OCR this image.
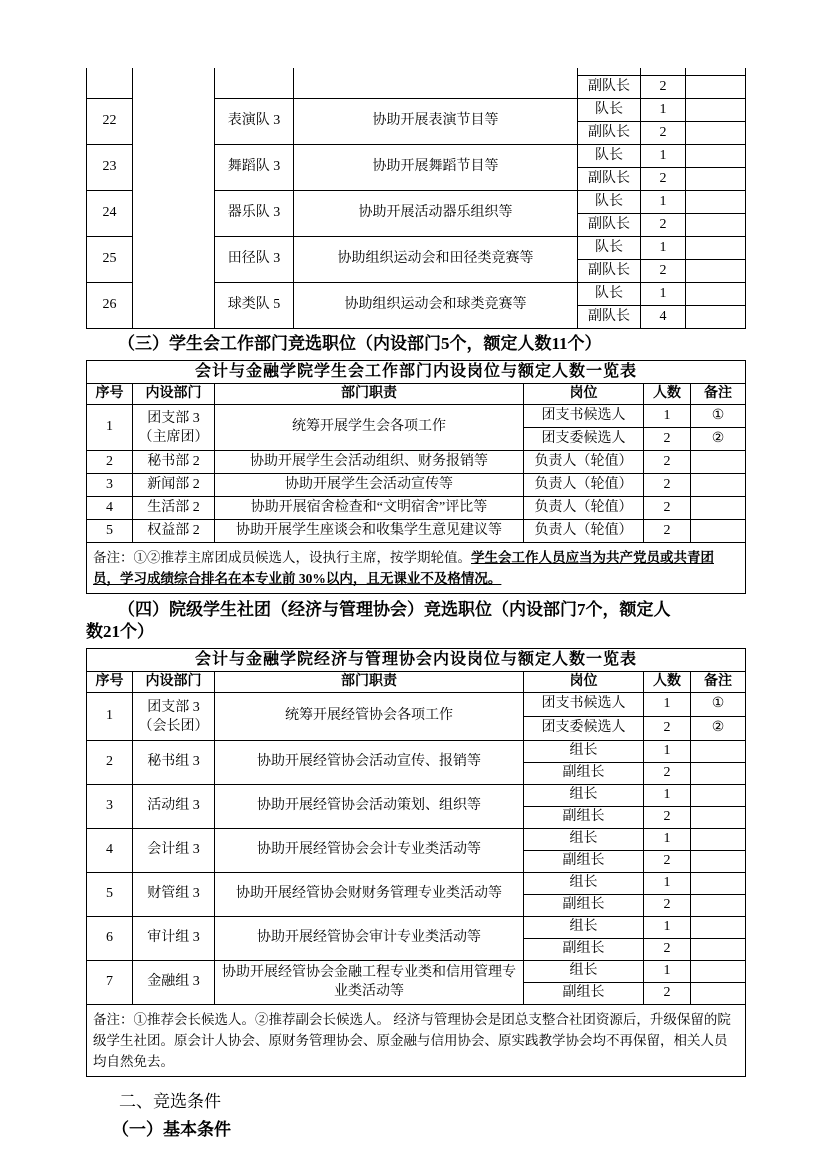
				副队长	2	
22		表演队 3	协助开展表演节目等	队长	1	
				副队长	2	
23		舞蹈队 3	协助开展舞蹈节目等	队长	1	
				副队长	2	
24		器乐队 3	协助开展活动器乐组织等	队长	1	
				副队长	2	
25		田径队 3	协助组织运动会和田径类竞赛等	队长	1	
				副队长	2	
26		球类队 5	协助组织运动会和球类竞赛等	队长	1	
				副队长	4	
（三）学生会工作部门竞选职位（内设部门5个，额定人数11个）
会计与金融学院学生会工作部门内设岗位与额定人数一览表					
序号	内设部门	部门职责	岗位	人数	备注
1	团支部 3
（主席团）	统筹开展学生会各项工作	团支书候选人	1	①
			团支委候选人	2	②
2	秘书部 2	协助开展学生会活动组织、财务报销等	负责人（轮值）	2	
3	新闻部 2	协助开展学生会活动宣传等	负责人（轮值）	2	
4	生活部 2	协助开展宿舍检查和“文明宿舍”评比等	负责人（轮值）	2	
5	权益部 2	协助开展学生座谈会和收集学生意见建议等	负责人（轮值）	2	
备注：①②推荐主席团成员候选人，设执行主席，按学期轮值。学生会工作人员应当为共产党员或共青团员，学习成绩综合排名在本专业前 30%以内，且无课业不及格情况。					
（四）院级学生社团（经济与管理协会）竞选职位（内设部门7个，额定人
数21个）
会计与金融学院经济与管理协会内设岗位与额定人数一览表					
序号	内设部门	部门职责	岗位	人数	备注
1	团支部 3
（会长团）	统筹开展经管协会各项工作	团支书候选人	1	①
			团支委候选人	2	②
2	秘书组 3	协助开展经管协会活动宣传、报销等	组长	1	
			副组长	2	
3	活动组 3	协助开展经管协会活动策划、组织等	组长	1	
			副组长	2	
4	会计组 3	协助开展经管协会会计专业类活动等	组长	1	
			副组长	2	
5	财管组 3	协助开展经管协会财财务管理专业类活动等	组长	1	
			副组长	2	
6	审计组 3	协助开展经管协会审计专业类活动等	组长	1	
			副组长	2	
7	金融组 3	协助开展经管协会金融工程专业类和信用管理专业类活动等	组长	1	
			副组长	2	
备注：①推荐会长候选人。②推荐副会长候选人。 经济与管理协会是团总支整合社团资源后，升级保留的院级学生社团。原会计人协会、原财务管理协会、原金融与信用协会、原实践教学协会均不再保留，相关人员均自然免去。					
二、竞选条件
（一）基本条件
